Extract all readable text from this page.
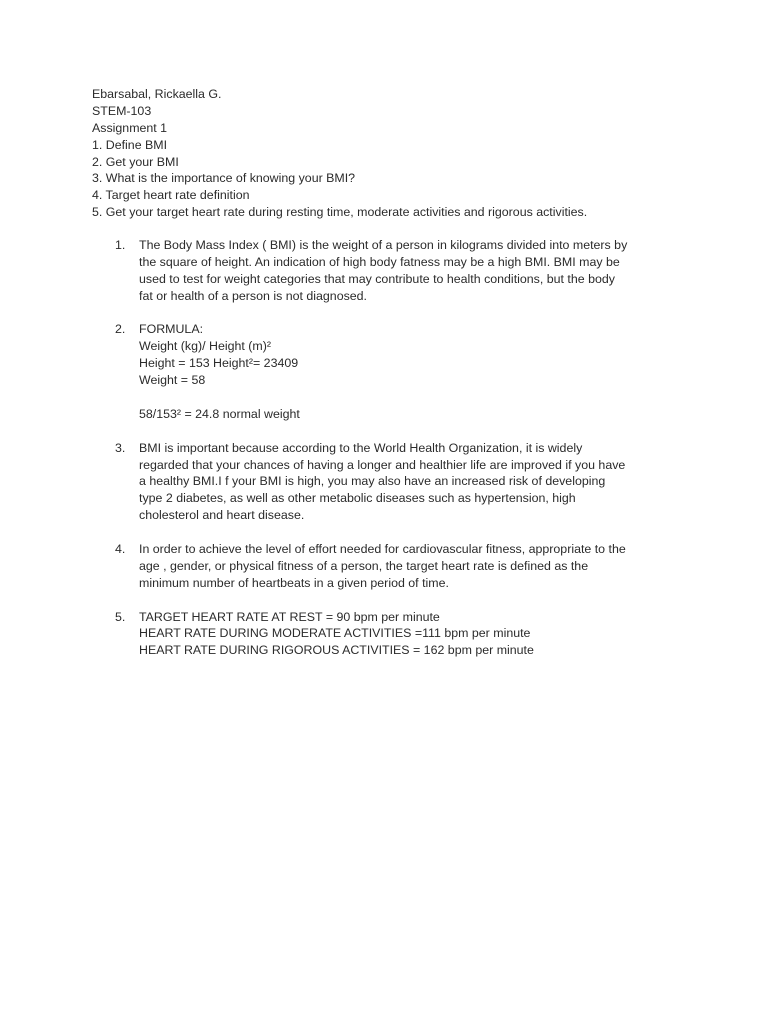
Ebarsabal, Rickaella G.
STEM-103
Assignment 1
1. Define BMI
2. Get your BMI
3. What is the importance of knowing your BMI?
4. Target heart rate definition
5. Get your target heart rate during resting time, moderate activities and rigorous activities.
1. The Body Mass Index ( BMI) is the weight of a person in kilograms divided into meters by
the square of height. An indication of high body fatness may be a high BMI. BMI may be
used to test for weight categories that may contribute to health conditions, but the body
fat or health of a person is not diagnosed.
2. FORMULA:
Weight (kg)/ Height (m)²
Height = 153 Height²= 23409
Weight = 58
58/153² = 24.8 normal weight
3. BMI is important because according to the World Health Organization, it is widely
regarded that your chances of having a longer and healthier life are improved if you have
a healthy BMI.I f your BMI is high, you may also have an increased risk of developing
type 2 diabetes, as well as other metabolic diseases such as hypertension, high
cholesterol and heart disease.
4. In order to achieve the level of effort needed for cardiovascular fitness, appropriate to the
age , gender, or physical fitness of a person, the target heart rate is defined as the
minimum number of heartbeats in a given period of time.
5. TARGET HEART RATE AT REST = 90 bpm per minute
HEART RATE DURING MODERATE ACTIVITIES =111 bpm per minute
HEART RATE DURING RIGOROUS ACTIVITIES = 162 bpm per minute
